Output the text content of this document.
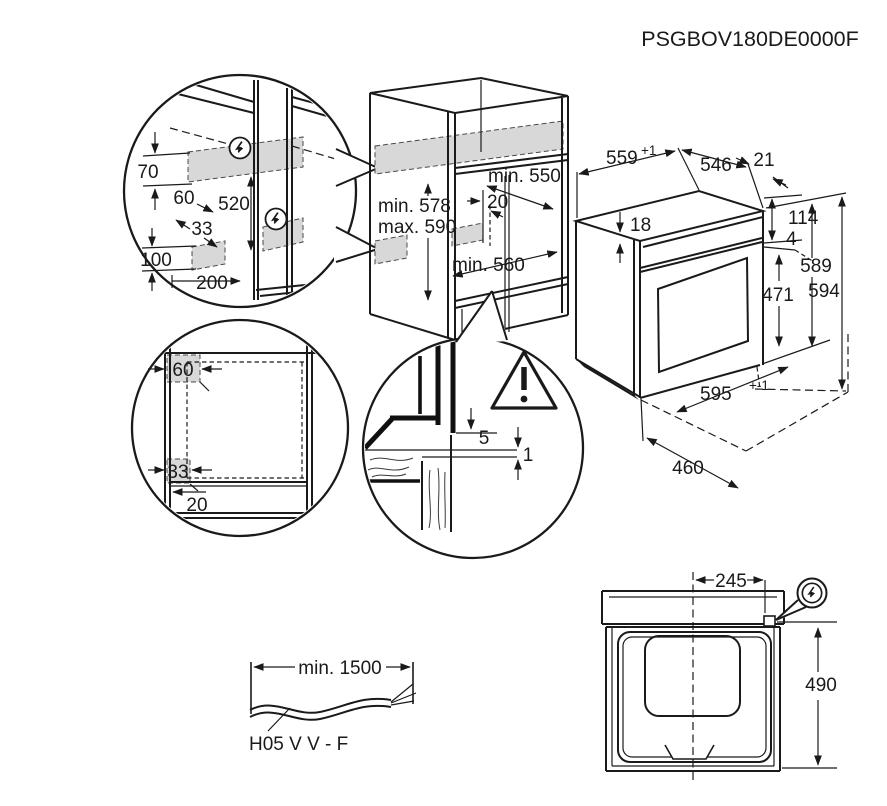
PSGBOV180DE0000F
70
60 520
33
100
200
min. 550
20
min. 578
max. 590
min. 560
559 +1
546 21
18	114
4
471
589
594
595 +-1
460
60
33
20
5
1
min. 1500
H05 V V - F
245
490
